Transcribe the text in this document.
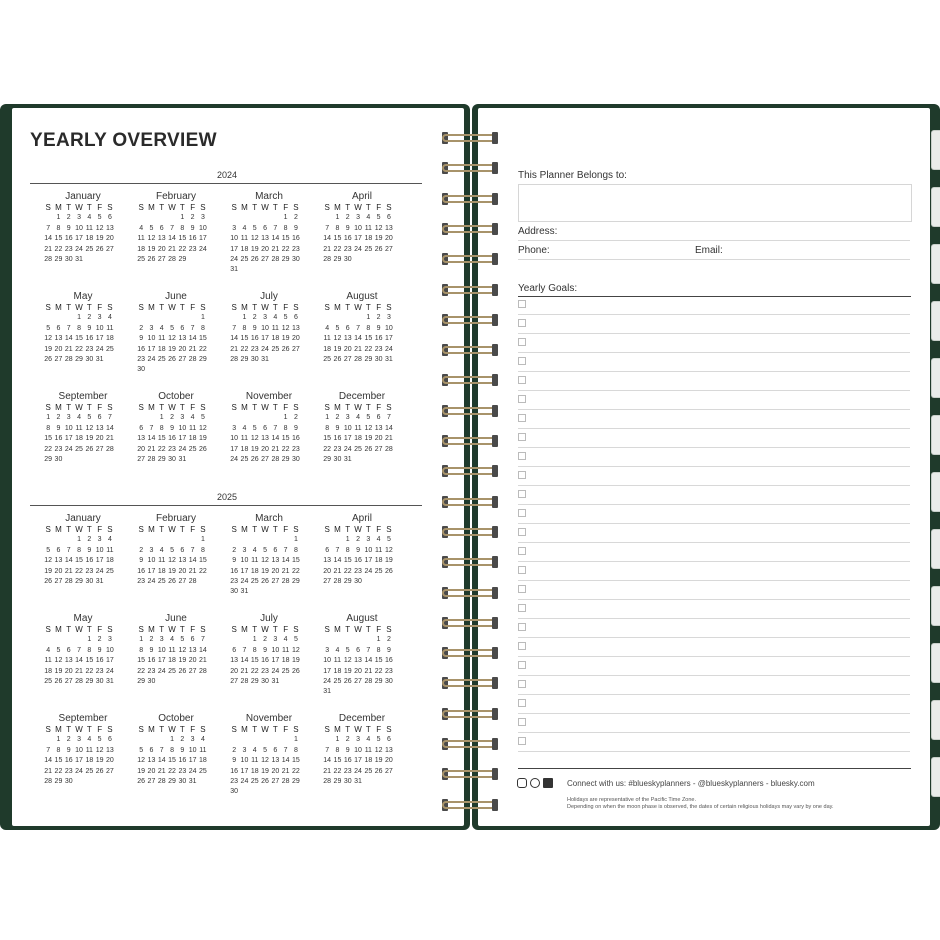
YEARLY OVERVIEW
2024
January
S M T W T F S
1 2 3 4 5 6
7 8 9 10 11 12 13
14 15 16 17 18 19 20
21 22 23 24 25 26 27
28 29 30 31
February
S M T W T F S
1 2 3
4 5 6 7 8 9 10
11 12 13 14 15 16 17
18 19 20 21 22 23 24
25 26 27 28 29
March
S M T W T F S
1 2
3 4 5 6 7 8 9
10 11 12 13 14 15 16
17 18 19 20 21 22 23
24 25 26 27 28 29 30
31
April
S M T W T F S
1 2 3 4 5 6
7 8 9 10 11 12 13
14 15 16 17 18 19 20
21 22 23 24 25 26 27
28 29 30
May
S M T W T F S
1 2 3 4
5 6 7 8 9 10 11
12 13 14 15 16 17 18
19 20 21 22 23 24 25
26 27 28 29 30 31
June
S M T W T F S
1
2 3 4 5 6 7 8
9 10 11 12 13 14 15
16 17 18 19 20 21 22
23 24 25 26 27 28 29
30
July
S M T W T F S
1 2 3 4 5 6
7 8 9 10 11 12 13
14 15 16 17 18 19 20
21 22 23 24 25 26 27
28 29 30 31
August
S M T W T F S
1 2 3
4 5 6 7 8 9 10
11 12 13 14 15 16 17
18 19 20 21 22 23 24
25 26 27 28 29 30 31
September
S M T W T F S
1 2 3 4 5 6 7
8 9 10 11 12 13 14
15 16 17 18 19 20 21
22 23 24 25 26 27 28
29 30
October
S M T W T F S
1 2 3 4 5
6 7 8 9 10 11 12
13 14 15 16 17 18 19
20 21 22 23 24 25 26
27 28 29 30 31
November
S M T W T F S
1 2
3 4 5 6 7 8 9
10 11 12 13 14 15 16
17 18 19 20 21 22 23
24 25 26 27 28 29 30
December
S M T W T F S
1 2 3 4 5 6 7
8 9 10 11 12 13 14
15 16 17 18 19 20 21
22 23 24 25 26 27 28
29 30 31
2025
January
S M T W T F S
1 2 3 4
5 6 7 8 9 10 11
12 13 14 15 16 17 18
19 20 21 22 23 24 25
26 27 28 29 30 31
February
S M T W T F S
1
2 3 4 5 6 7 8
9 10 11 12 13 14 15
16 17 18 19 20 21 22
23 24 25 26 27 28
March
S M T W T F S
1
2 3 4 5 6 7 8
9 10 11 12 13 14 15
16 17 18 19 20 21 22
23 24 25 26 27 28 29
30 31
April
S M T W T F S
1 2 3 4 5
6 7 8 9 10 11 12
13 14 15 16 17 18 19
20 21 22 23 24 25 26
27 28 29 30
May
S M T W T F S
1 2 3
4 5 6 7 8 9 10
11 12 13 14 15 16 17
18 19 20 21 22 23 24
25 26 27 28 29 30 31
June
S M T W T F S
1 2 3 4 5 6 7
8 9 10 11 12 13 14
15 16 17 18 19 20 21
22 23 24 25 26 27 28
29 30
July
S M T W T F S
1 2 3 4 5
6 7 8 9 10 11 12
13 14 15 16 17 18 19
20 21 22 23 24 25 26
27 28 29 30 31
August
S M T W T F S
1 2
3 4 5 6 7 8 9
10 11 12 13 14 15 16
17 18 19 20 21 22 23
24 25 26 27 28 29 30
31
September
S M T W T F S
1 2 3 4 5 6
7 8 9 10 11 12 13
14 15 16 17 18 19 20
21 22 23 24 25 26 27
28 29 30
October
S M T W T F S
1 2 3 4
5 6 7 8 9 10 11
12 13 14 15 16 17 18
19 20 21 22 23 24 25
26 27 28 29 30 31
November
S M T W T F S
1
2 3 4 5 6 7 8
9 10 11 12 13 14 15
16 17 18 19 20 21 22
23 24 25 26 27 28 29
30
December
S M T W T F S
1 2 3 4 5 6
7 8 9 10 11 12 13
14 15 16 17 18 19 20
21 22 23 24 25 26 27
28 29 30 31
This Planner Belongs to:
Address:
Phone:	Email:
Yearly Goals:
Connect with us: #blueskyplanners - @blueskyplanners - bluesky.com
Holidays are representative of the Pacific Time Zone.
Depending on when the moon phase is observed, the dates of certain religious holidays may vary by one day.
